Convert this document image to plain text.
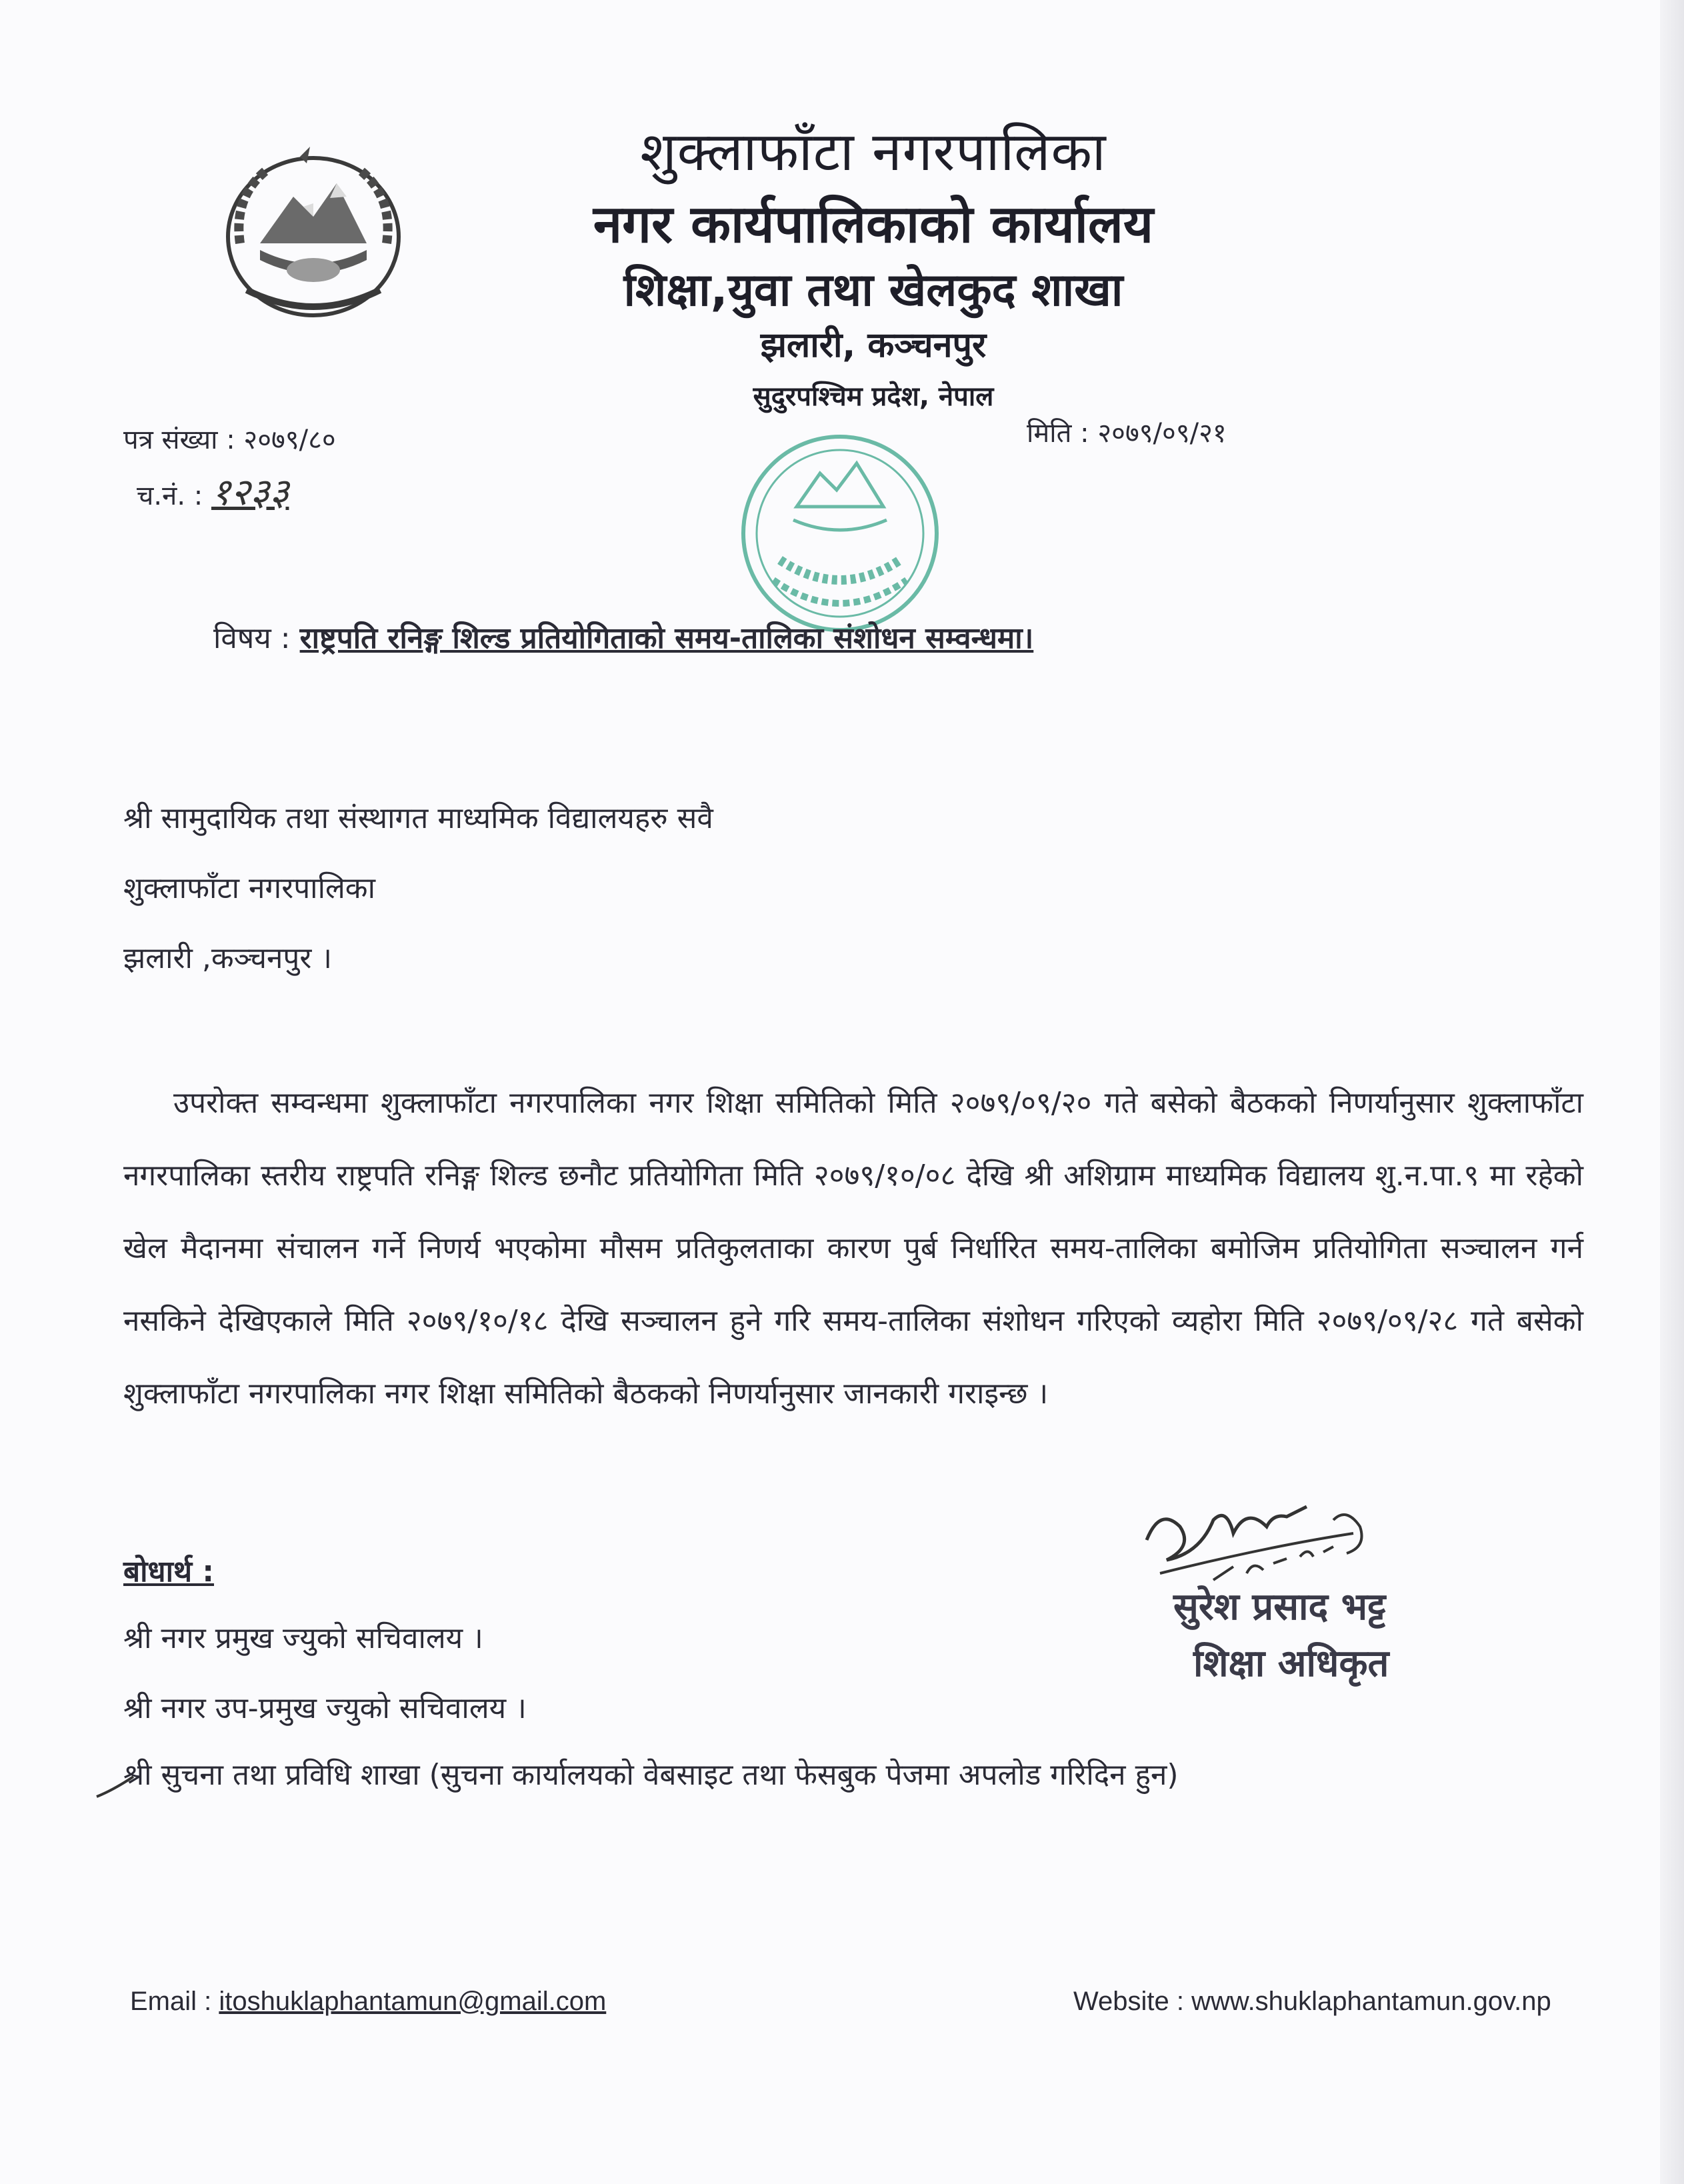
शुक्लाफाँटा नगरपालिका
नगर कार्यपालिकाको कार्यालय
शिक्षा,युवा तथा खेलकुद शाखा
झलारी, कञ्चनपुर
सुदुरपश्चिम प्रदेश, नेपाल
पत्र संख्या : २०७९/८०
च.नं. : १२३३
मिति : २०७९/०९/२१
विषय : राष्ट्रपति रनिङ्ग शिल्ड प्रतियोगिताको समय-तालिका संशोधन सम्वन्धमा।
श्री सामुदायिक तथा संस्थागत माध्यमिक विद्यालयहरु सवै
शुक्लाफाँटा नगरपालिका
झलारी ,कञ्चनपुर ।
उपरोक्त सम्वन्धमा शुक्लाफाँटा नगरपालिका नगर शिक्षा समितिको मिति २०७९/०९/२० गते बसेको बैठकको निणर्यानुसार शुक्लाफाँटा नगरपालिका स्तरीय राष्ट्रपति रनिङ्ग शिल्ड छनौट प्रतियोगिता मिति २०७९/१०/०८ देखि श्री अशिग्राम माध्यमिक विद्यालय शु.न.पा.९ मा रहेको खेल मैदानमा संचालन गर्ने निणर्य भएकोमा मौसम प्रतिकुलताका कारण पुर्ब निर्धारित समय-तालिका बमोजिम प्रतियोगिता सञ्चालन गर्न नसकिने देखिएकाले मिति २०७९/१०/१८ देखि सञ्चालन हुने गरि समय-तालिका संशोधन गरिएको व्यहोरा मिति २०७९/०९/२८ गते बसेको शुक्लाफाँटा नगरपालिका नगर शिक्षा समितिको बैठकको निणर्यानुसार जानकारी गराइन्छ ।
सुरेश प्रसाद भट्ट
शिक्षा अधिकृत
बोधार्थ :
श्री नगर प्रमुख ज्युको सचिवालय ।
श्री नगर उप-प्रमुख ज्युको सचिवालय ।
श्री सुचना तथा प्रविधि शाखा (सुचना कार्यालयको वेबसाइट तथा फेसबुक पेजमा अपलोड गरिदिन हुन)
Email : itoshuklaphantamun@gmail.com	Website : www.shuklaphantamun.gov.np
